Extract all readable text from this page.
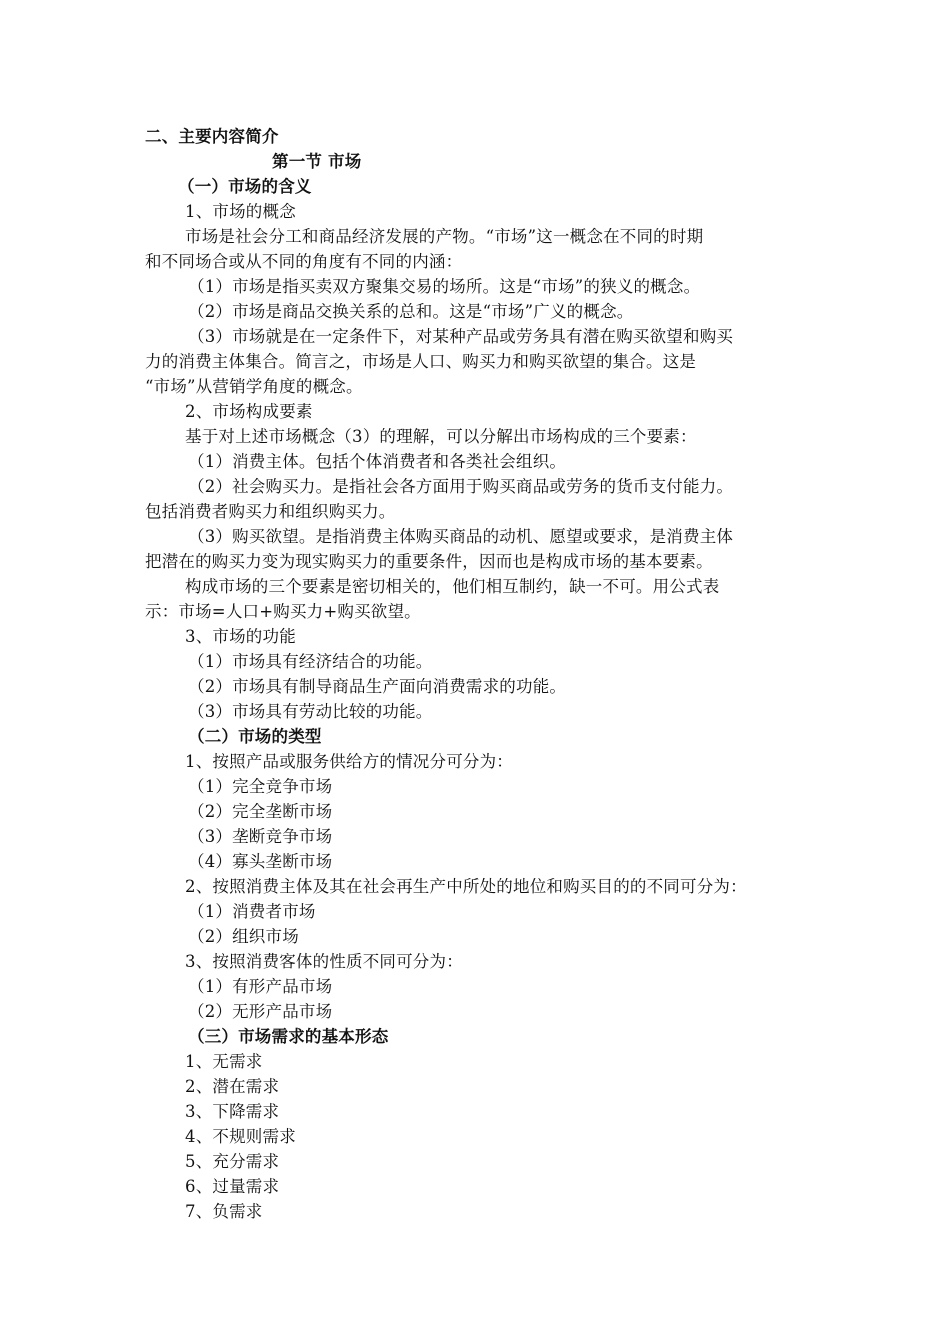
二、主要内容简介
第一节 市场
（一）市场的含义
1、市场的概念
市场是社会分工和商品经济发展的产物。“市场”这一概念在不同的时期
和不同场合或从不同的角度有不同的内涵：
（1）市场是指买卖双方聚集交易的场所。这是“市场”的狭义的概念。
（2）市场是商品交换关系的总和。这是“市场”广义的概念。
（3）市场就是在一定条件下，对某种产品或劳务具有潜在购买欲望和购买
力的消费主体集合。简言之，市场是人口、购买力和购买欲望的集合。这是
“市场”从营销学角度的概念。
2、市场构成要素
基于对上述市场概念（3）的理解，可以分解出市场构成的三个要素：
（1）消费主体。包括个体消费者和各类社会组织。
（2）社会购买力。是指社会各方面用于购买商品或劳务的货币支付能力。
包括消费者购买力和组织购买力。
（3）购买欲望。是指消费主体购买商品的动机、愿望或要求，是消费主体
把潜在的购买力变为现实购买力的重要条件，因而也是构成市场的基本要素。
构成市场的三个要素是密切相关的，他们相互制约，缺一不可。用公式表
示：市场=人口+购买力+购买欲望。
3、市场的功能
（1）市场具有经济结合的功能。
（2）市场具有制导商品生产面向消费需求的功能。
（3）市场具有劳动比较的功能。
（二）市场的类型
1、按照产品或服务供给方的情况分可分为：
（1）完全竞争市场
（2）完全垄断市场
（3）垄断竞争市场
（4）寡头垄断市场
2、按照消费主体及其在社会再生产中所处的地位和购买目的的不同可分为：
（1）消费者市场
（2）组织市场
3、按照消费客体的性质不同可分为：
（1）有形产品市场
（2）无形产品市场
（三）市场需求的基本形态
1、无需求
2、潜在需求
3、下降需求
4、不规则需求
5、充分需求
6、过量需求
7、负需求
